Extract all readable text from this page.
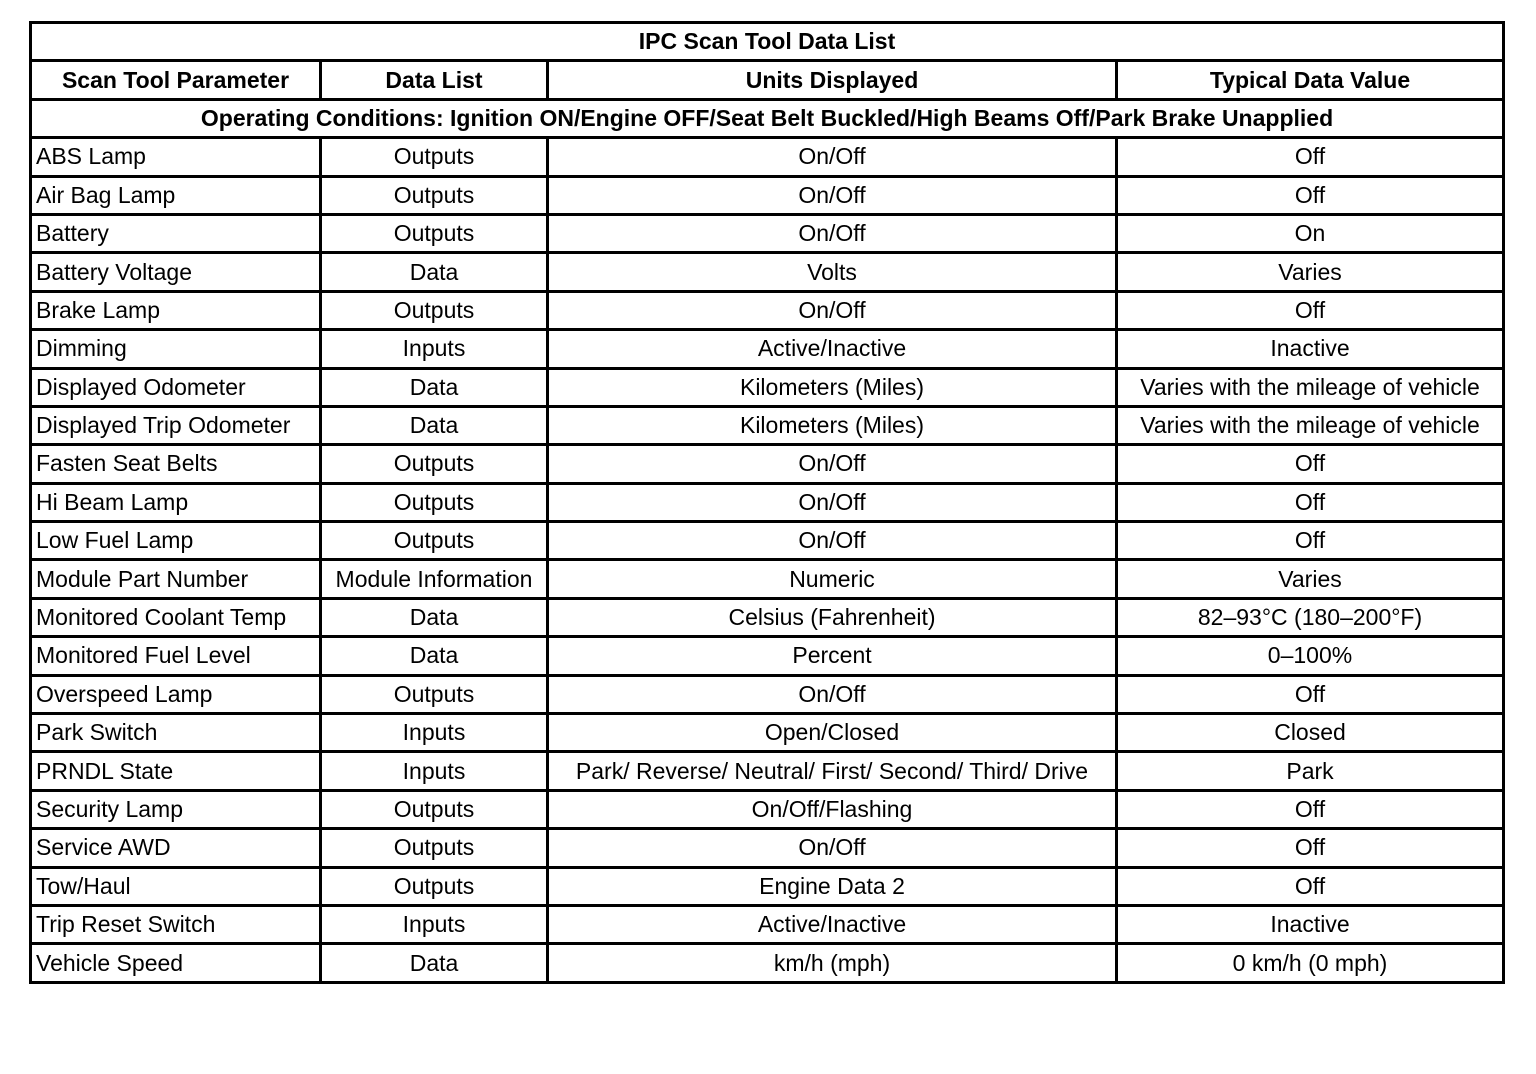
IPC Scan Tool Data List			
Scan Tool Parameter	Data List	Units Displayed	Typical Data Value
Operating Conditions: Ignition ON/Engine OFF/Seat Belt Buckled/High Beams Off/Park Brake Unapplied			
ABS Lamp	Outputs	On/Off	Off
Air Bag Lamp	Outputs	On/Off	Off
Battery	Outputs	On/Off	On
Battery Voltage	Data	Volts	Varies
Brake Lamp	Outputs	On/Off	Off
Dimming	Inputs	Active/Inactive	Inactive
Displayed Odometer	Data	Kilometers (Miles)	Varies with the mileage of vehicle
Displayed Trip Odometer	Data	Kilometers (Miles)	Varies with the mileage of vehicle
Fasten Seat Belts	Outputs	On/Off	Off
Hi Beam Lamp	Outputs	On/Off	Off
Low Fuel Lamp	Outputs	On/Off	Off
Module Part Number	Module Information	Numeric	Varies
Monitored Coolant Temp	Data	Celsius (Fahrenheit)	82–93°C (180–200°F)
Monitored Fuel Level	Data	Percent	0–100%
Overspeed Lamp	Outputs	On/Off	Off
Park Switch	Inputs	Open/Closed	Closed
PRNDL State	Inputs	Park/ Reverse/ Neutral/ First/ Second/ Third/ Drive	Park
Security Lamp	Outputs	On/Off/Flashing	Off
Service AWD	Outputs	On/Off	Off
Tow/Haul	Outputs	Engine Data 2	Off
Trip Reset Switch	Inputs	Active/Inactive	Inactive
Vehicle Speed	Data	km/h (mph)	0 km/h (0 mph)
